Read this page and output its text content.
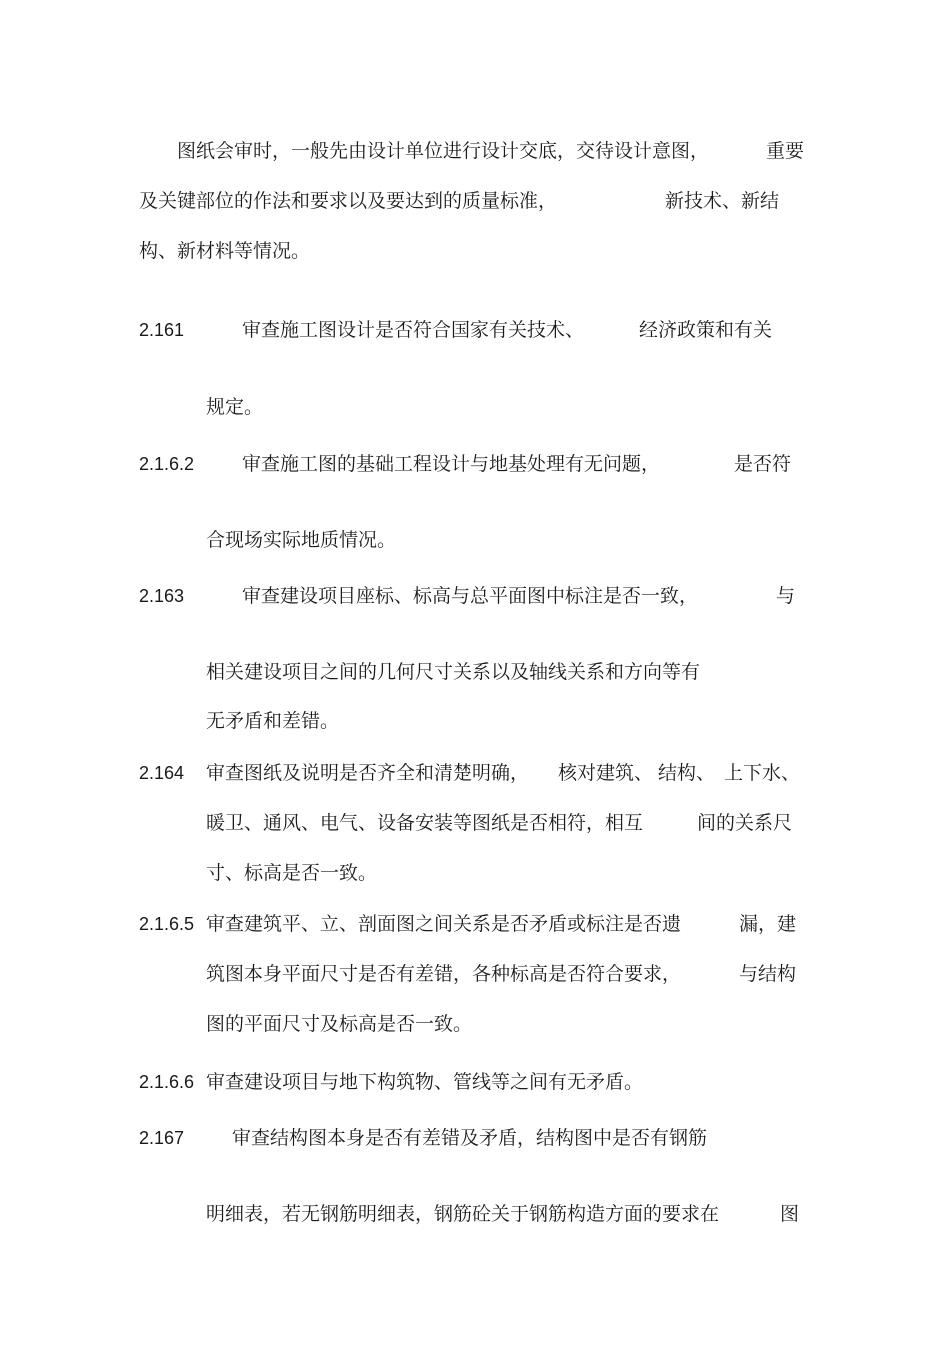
图纸会审时，一般先由设计单位进行设计交底，交待设计意图，	重要
及关键部位的作法和要求以及要达到的质量标准，	新技术、新结
构、新材料等情况。
2.161	审查施工图设计是否符合国家有关技术、	经济政策和有关
规定。
2.1.6.2	审查施工图的基础工程设计与地基处理有无问题，	是否符
合现场实际地质情况。
2.163	审查建设项目座标、标高与总平面图中标注是否一致，	与
相关建设项目之间的几何尺寸关系以及轴线关系和方向等有
无矛盾和差错。
2.164 审查图纸及说明是否齐全和清楚明确， 核对建筑、 结构、 上下水、
暖卫、通风、电气、设备安装等图纸是否相符，相互	间的关系尺
寸、标高是否一致。
2.1.6.5 审查建筑平、立、剖面图之间关系是否矛盾或标注是否遗	漏，建
筑图本身平面尺寸是否有差错，各种标高是否符合要求，	与结构
图的平面尺寸及标高是否一致。
2.1.6.6 审查建设项目与地下构筑物、管线等之间有无矛盾。
2.167	审查结构图本身是否有差错及矛盾，结构图中是否有钢筋
明细表，若无钢筋明细表，钢筋砼关于钢筋构造方面的要求在	图
